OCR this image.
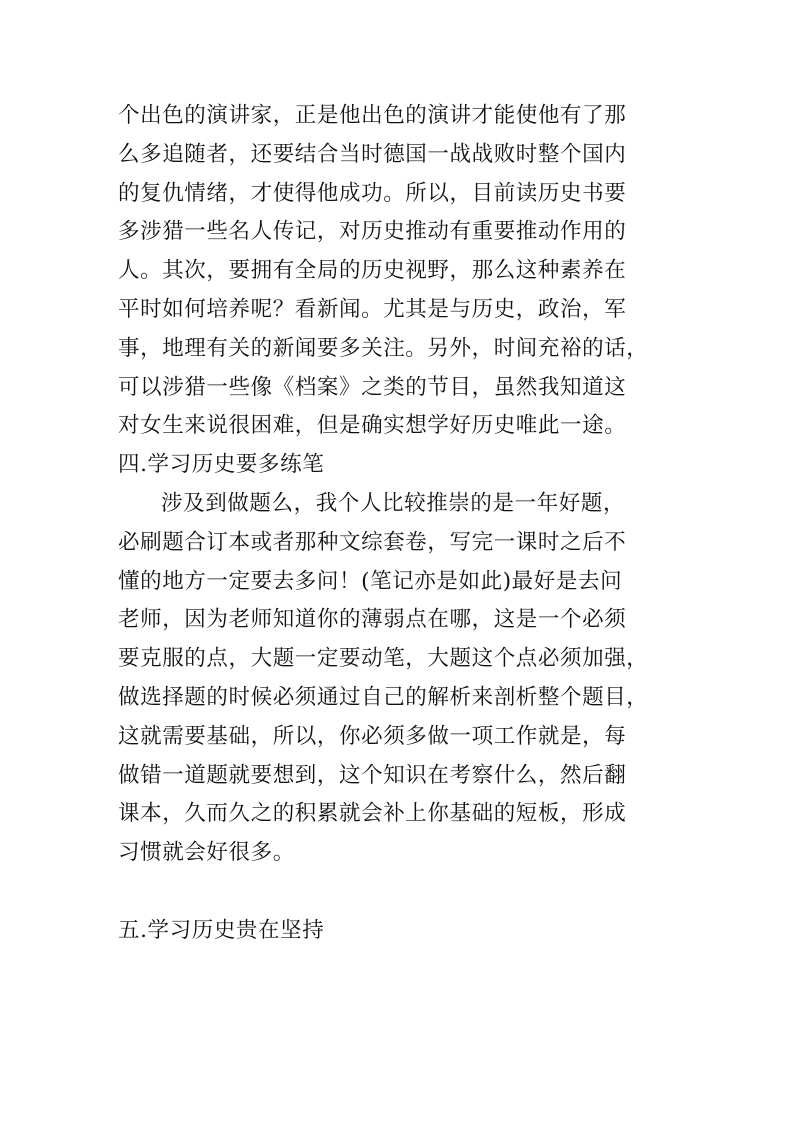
个出色的演讲家，正是他出色的演讲才能使他有了那
么多追随者，还要结合当时德国一战战败时整个国内
的复仇情绪，才使得他成功。所以，目前读历史书要
多涉猎一些名人传记，对历史推动有重要推动作用的
人。其次，要拥有全局的历史视野，那么这种素养在
平时如何培养呢？看新闻。尤其是与历史，政治，军
事，地理有关的新闻要多关注。另外，时间充裕的话，
可以涉猎一些像《档案》之类的节目，虽然我知道这
对女生来说很困难，但是确实想学好历史唯此一途。
四.学习历史要多练笔
涉及到做题么，我个人比较推崇的是一年好题，
必刷题合订本或者那种文综套卷，写完一课时之后不
懂的地方一定要去多问！(笔记亦是如此)最好是去问
老师，因为老师知道你的薄弱点在哪，这是一个必须
要克服的点，大题一定要动笔，大题这个点必须加强，
做选择题的时候必须通过自己的解析来剖析整个题目，
这就需要基础，所以，你必须多做一项工作就是，每
做错一道题就要想到，这个知识在考察什么，然后翻
课本，久而久之的积累就会补上你基础的短板，形成
习惯就会好很多。
五.学习历史贵在坚持
